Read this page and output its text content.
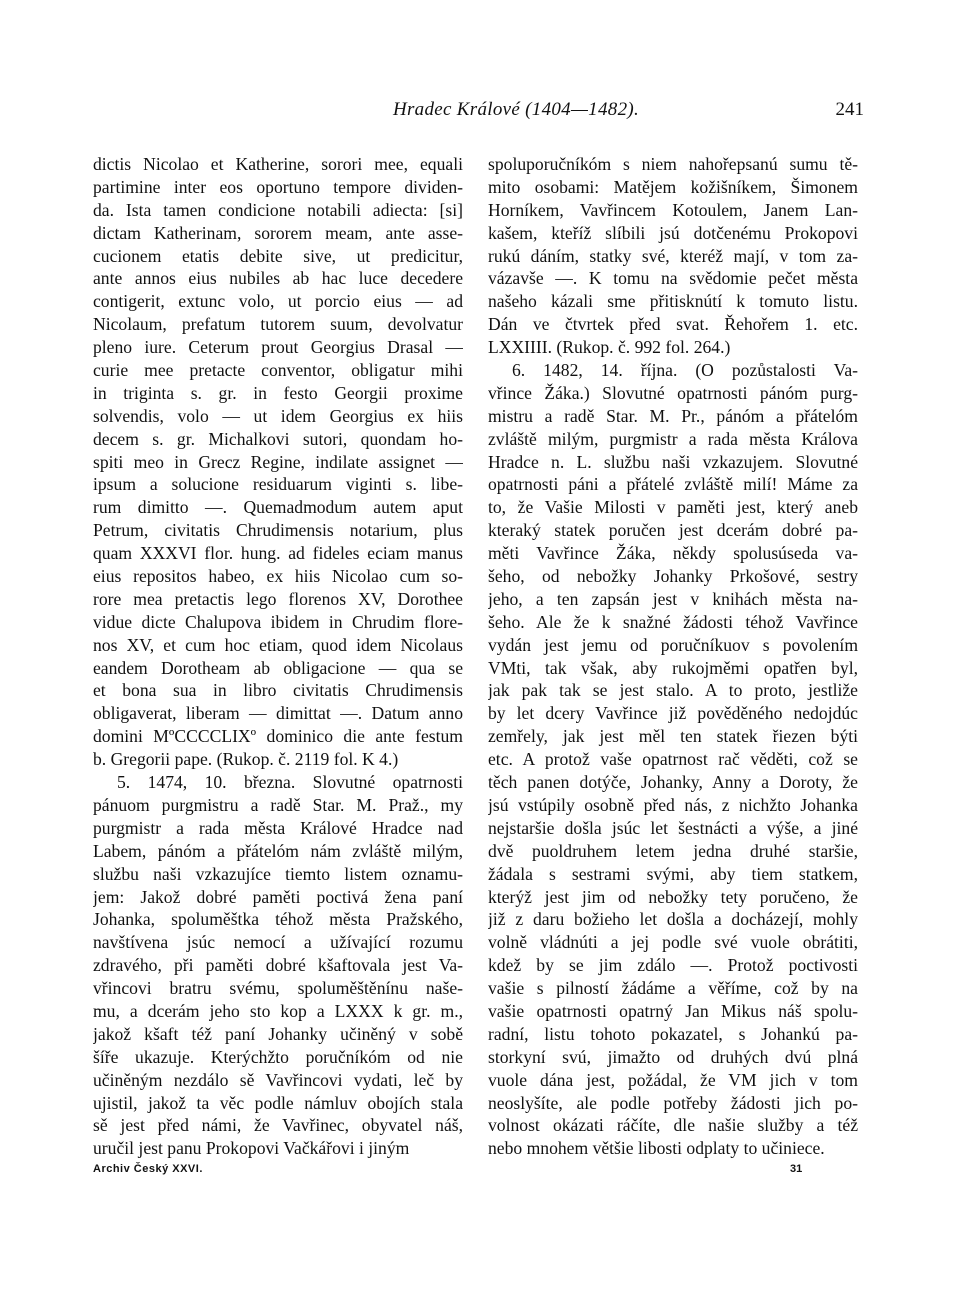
Hradec Králové (1404—1482).	241
dictis Nicolao et Katherine, sorori mee, equali
partimine inter eos oportuno tempore dividen-
da. Ista tamen condicione notabili adiecta: [si]
dictam Katherinam, sororem meam, ante asse-
cucionem etatis debite sive, ut predicitur,
ante annos eius nubiles ab hac luce decedere
contigerit, extunc volo, ut porcio eius — ad
Nicolaum, prefatum tutorem suum, devolvatur
pleno iure. Ceterum prout Georgius Drasal —
curie mee pretacte conventor, obligatur mihi
in triginta s. gr. in festo Georgii proxime
solvendis, volo — ut idem Georgius ex hiis
decem s. gr. Michalkovi sutori, quondam ho-
spiti meo in Grecz Regine, indilate assignet —
ipsum a solucione residuarum viginti s. libe-
rum dimitto —. Quemadmodum autem aput
Petrum, civitatis Chrudimensis notarium, plus
quam XXXVI flor. hung. ad fideles eciam manus
eius repositos habeo, ex hiis Nicolao cum so-
rore mea pretactis lego florenos XV, Dorothee
vidue dicte Chalupova ibidem in Chrudim flore-
nos XV, et cum hoc etiam, quod idem Nicolaus
eandem Dorotheam ab obligacione — qua se
et bona sua in libro civitatis Chrudimensis
obligaverat, liberam — dimittat —. Datum anno
domini MºCCCCLIXº dominico die ante festum
b. Gregorii pape. (Rukop. č. 2119 fol. K 4.)
5. 1474, 10. března. Slovutné opatrnosti
pánuom purgmistru a radě Star. M. Praž., my
purgmistr a rada města Králové Hradce nad
Labem, pánóm a přátelóm nám zvláště milým,
službu naši vzkazujíce tiemto listem oznamu-
jem: Jakož dobré paměti poctivá žena paní
Johanka, spoluměštka téhož města Pražského,
navštívena jsúc nemocí a užívající rozumu
zdravého, při paměti dobré kšaftovala jest Va-
vřincovi bratru svému, spoluměštěnínu naše-
mu, a dcerám jeho sto kop a LXXX k gr. m.,
jakož kšaft též paní Johanky učiněný v sobě
šíře ukazuje. Kterýchžto poručníkóm od nie
učiněným nezdálo sě Vavřincovi vydati, leč by
ujistil, jakož ta věc podle námluv obojích stala
sě jest před námi, že Vavřinec, obyvatel náš,
uručil jest panu Prokopovi Vačkářovi i jiným
spoluporučníkóm s niem nahořepsanú sumu tě-
mito osobami: Matějem kožišníkem, Šimonem
Horníkem, Vavřincem Kotoulem, Janem Lan-
kašem, kteříž slíbili jsú dotčenému Prokopovi
rukú dáním, statky své, kteréž mají, v tom za-
vázavše —. K tomu na svědomie pečet města
našeho kázali sme přitisknútí k tomuto listu.
Dán ve čtvrtek před svat. Řehořem 1. etc.
LXXIIII. (Rukop. č. 992 fol. 264.)
6. 1482, 14. října. (O pozůstalosti Va-
vřince Žáka.) Slovutné opatrnosti pánóm purg-
mistru a radě Star. M. Pr., pánóm a přátelóm
zvláště milým, purgmistr a rada města Králova
Hradce n. L. službu naši vzkazujem. Slovutné
opatrnosti páni a přátelé zvláště milí! Máme za
to, že Vašie Milosti v paměti jest, který aneb
kteraký statek poručen jest dcerám dobré pa-
měti Vavřince Žáka, někdy spolusúseda va-
šeho, od nebožky Johanky Prkošové, sestry
jeho, a ten zapsán jest v knihách města na-
šeho. Ale že k snažné žádosti téhož Vavřince
vydán jest jemu od poručníkuov s povolením
VMti, tak však, aby rukojměmi opatřen byl,
jak pak tak se jest stalo. A to proto, jestliže
by let dcery Vavřince již pověděného nedojdúc
zemřely, jak jest měl ten statek řiezen býti
etc. A protož vaše opatrnost rač věděti, což se
těch panen dotýče, Johanky, Anny a Doroty, že
jsú vstúpily osobně před nás, z nichžto Johanka
nejstaršie došla jsúc let šestnácti a výše, a jiné
dvě puoldruhem letem jedna druhé staršie,
žádala s sestrami svými, aby tiem statkem,
kterýž jest jim od nebožky tety poručeno, že
již z daru božieho let došla a docházejí, mohly
volně vládnúti a jej podle své vuole obrátiti,
kdež by se jim zdálo —. Protož poctivosti
vašie s pilností žádáme a věříme, což by na
vašie opatrnosti opatrný Jan Mikus náš spolu-
radní, listu tohoto pokazatel, s Johankú pa-
storkyní svú, jimažto od druhých dvú plná
vuole dána jest, požádal, že VM jich v tom
neoslyšíte, ale podle potřeby žádosti jich po-
volnost okázati ráčíte, dle našie služby a též
nebo mnohem většie libosti odplaty to učiniece.
Archiv Český XXVI.	31
